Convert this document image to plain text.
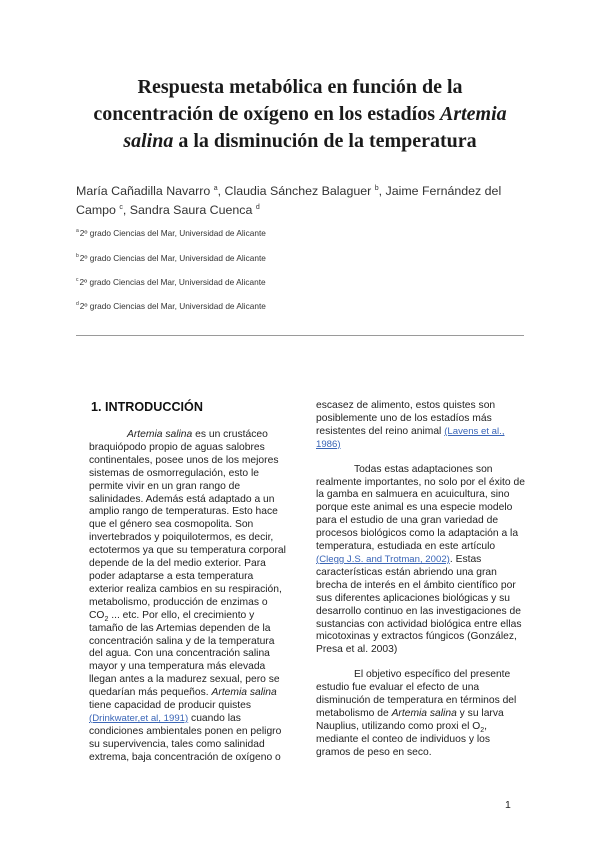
Respuesta metabólica en función de la
concentración de oxígeno en los estadíos Artemia
salina a la disminución de la temperatura
María Cañadilla Navarro $^a$, Claudia Sánchez Balaguer $^b$, Jaime Fernández del Campo $^c$, Sandra Saura Cuenca $^d$
$^a$2º grado Ciencias del Mar, Universidad de Alicante
$^b$2º grado Ciencias del Mar, Universidad de Alicante
$^c$2º grado Ciencias del Mar, Universidad de Alicante
$^d$2º grado Ciencias del Mar, Universidad de Alicante
1. INTRODUCCIÓN

Artemia salina es un crustáceo braquiópodo propio de aguas salobres continentales, posee unos de los mejores sistemas de osmorregulación, esto le permite vivir en un gran rango de salinidades. Además está adaptado a un amplio rango de temperaturas. Esto hace que el género sea cosmopolita. Son invertebrados y poiquilotermos, es decir, ectotermos ya que su temperatura corporal depende de la del medio exterior. Para poder adaptarse a esta temperatura exterior realiza cambios en su respiración, metabolismo, producción de enzimas o $CO_2$ ... etc. Por ello, el crecimiento y tamaño de las Artemias dependen de la concentración salina y de la temperatura del agua. Con una concentración salina mayor y una temperatura más elevada llegan antes a la madurez sexual, pero se quedarían más pequeños. Artemia salina tiene capacidad de producir quistes (Drinkwater,et al, 1991) cuando las condiciones ambientales ponen en peligro su supervivencia, tales como salinidad extrema, baja concentración de oxígeno o

escasez de alimento, estos quistes son posiblemente uno de los estadíos más resistentes del reino animal (Lavens et al., 1986)

Todas estas adaptaciones son realmente importantes, no solo por el éxito de la gamba en salmuera en acuicultura, sino porque este animal es una especie modelo para el estudio de una gran variedad de procesos biológicos como la adaptación a la temperatura, estudiada en este artículo (Clegg J.S. and Trotman, 2002). Estas características están abriendo una gran brecha de interés en el ámbito científico por sus diferentes aplicaciones biológicas y su desarrollo continuo en las investigaciones de sustancias con actividad biológica entre ellas micotoxinas y extractos fúngicos (González, Presa et al. 2003)

El objetivo específico del presente estudio fue evaluar el efecto de una disminución de temperatura en términos del metabolismo de Artemia salina y su larva Nauplius, utilizando como proxi el $O_2$, mediante el conteo de individuos y los gramos de peso en seco.

1
